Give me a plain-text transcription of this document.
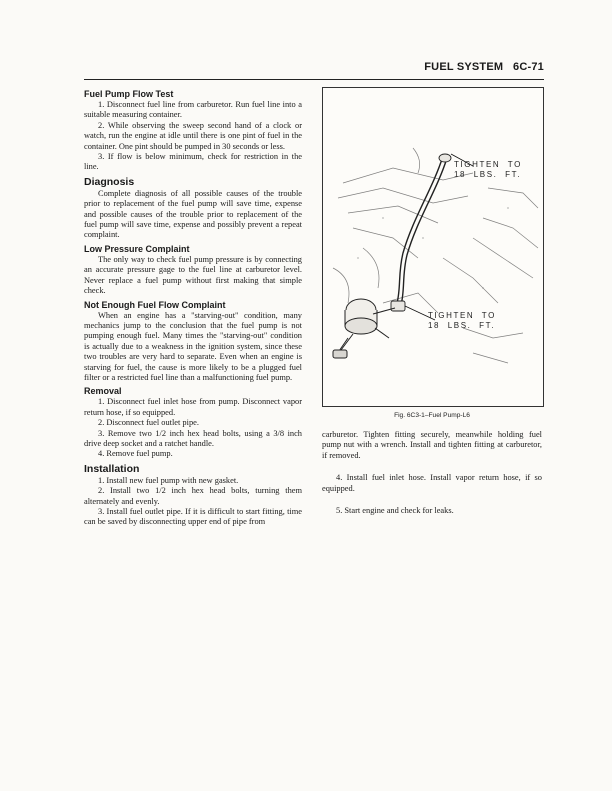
FUEL SYSTEM   6C-71

Fuel Pump Flow Test

1. Disconnect fuel line from carburetor. Run fuel line into a suitable measuring container.

2. While observing the sweep second hand of a clock or watch, run the engine at idle until there is one pint of fuel in the container. One pint should be pumped in 30 seconds or less.

3. If flow is below minimum, check for restriction in the line.

Diagnosis

Complete diagnosis of all possible causes of the trouble prior to replacement of the fuel pump will save time, expense and possible causes of the trouble prior to replacement of the fuel pump will save time, expense and possibly prevent a repeat complaint.

Low Pressure Complaint

The only way to check fuel pump pressure is by connecting an accurate pressure gage to the fuel line at carburetor level. Never replace a fuel pump without first making that simple check.

Not Enough Fuel Flow Complaint

When an engine has a "starving-out" condition, many mechanics jump to the conclusion that the fuel pump is not pumping enough fuel. Many times the "starving-out" condition is actually due to a weakness in the ignition system, since these two troubles are very hard to separate. Even when an engine is starving for fuel, the cause is more likely to be a plugged fuel filter or a restricted fuel line than a malfunctioning fuel pump.

Removal

1. Disconnect fuel inlet hose from pump. Disconnect vapor return hose, if so equipped.

2. Disconnect fuel outlet pipe.

3. Remove two 1/2 inch hex head bolts, using a 3/8 inch drive deep socket and a ratchet handle.

4. Remove fuel pump.

Installation

1. Install new fuel pump with new gasket.

2. Install two 1/2 inch hex head bolts, turning them alternately and evenly.

3. Install fuel outlet pipe. If it is difficult to start fitting, time can be saved by disconnecting upper end of pipe from

TIGHTEN  TO
18  LBS.  FT.
TIGHTEN  TO
18  LBS.  FT.
Fig. 6C3-1–Fuel Pump-L6

carburetor. Tighten fitting securely, meanwhile holding fuel pump nut with a wrench. Install and tighten fitting at carburetor, if removed.

4. Install fuel inlet hose. Install vapor return hose, if so equipped.

5. Start engine and check for leaks.
